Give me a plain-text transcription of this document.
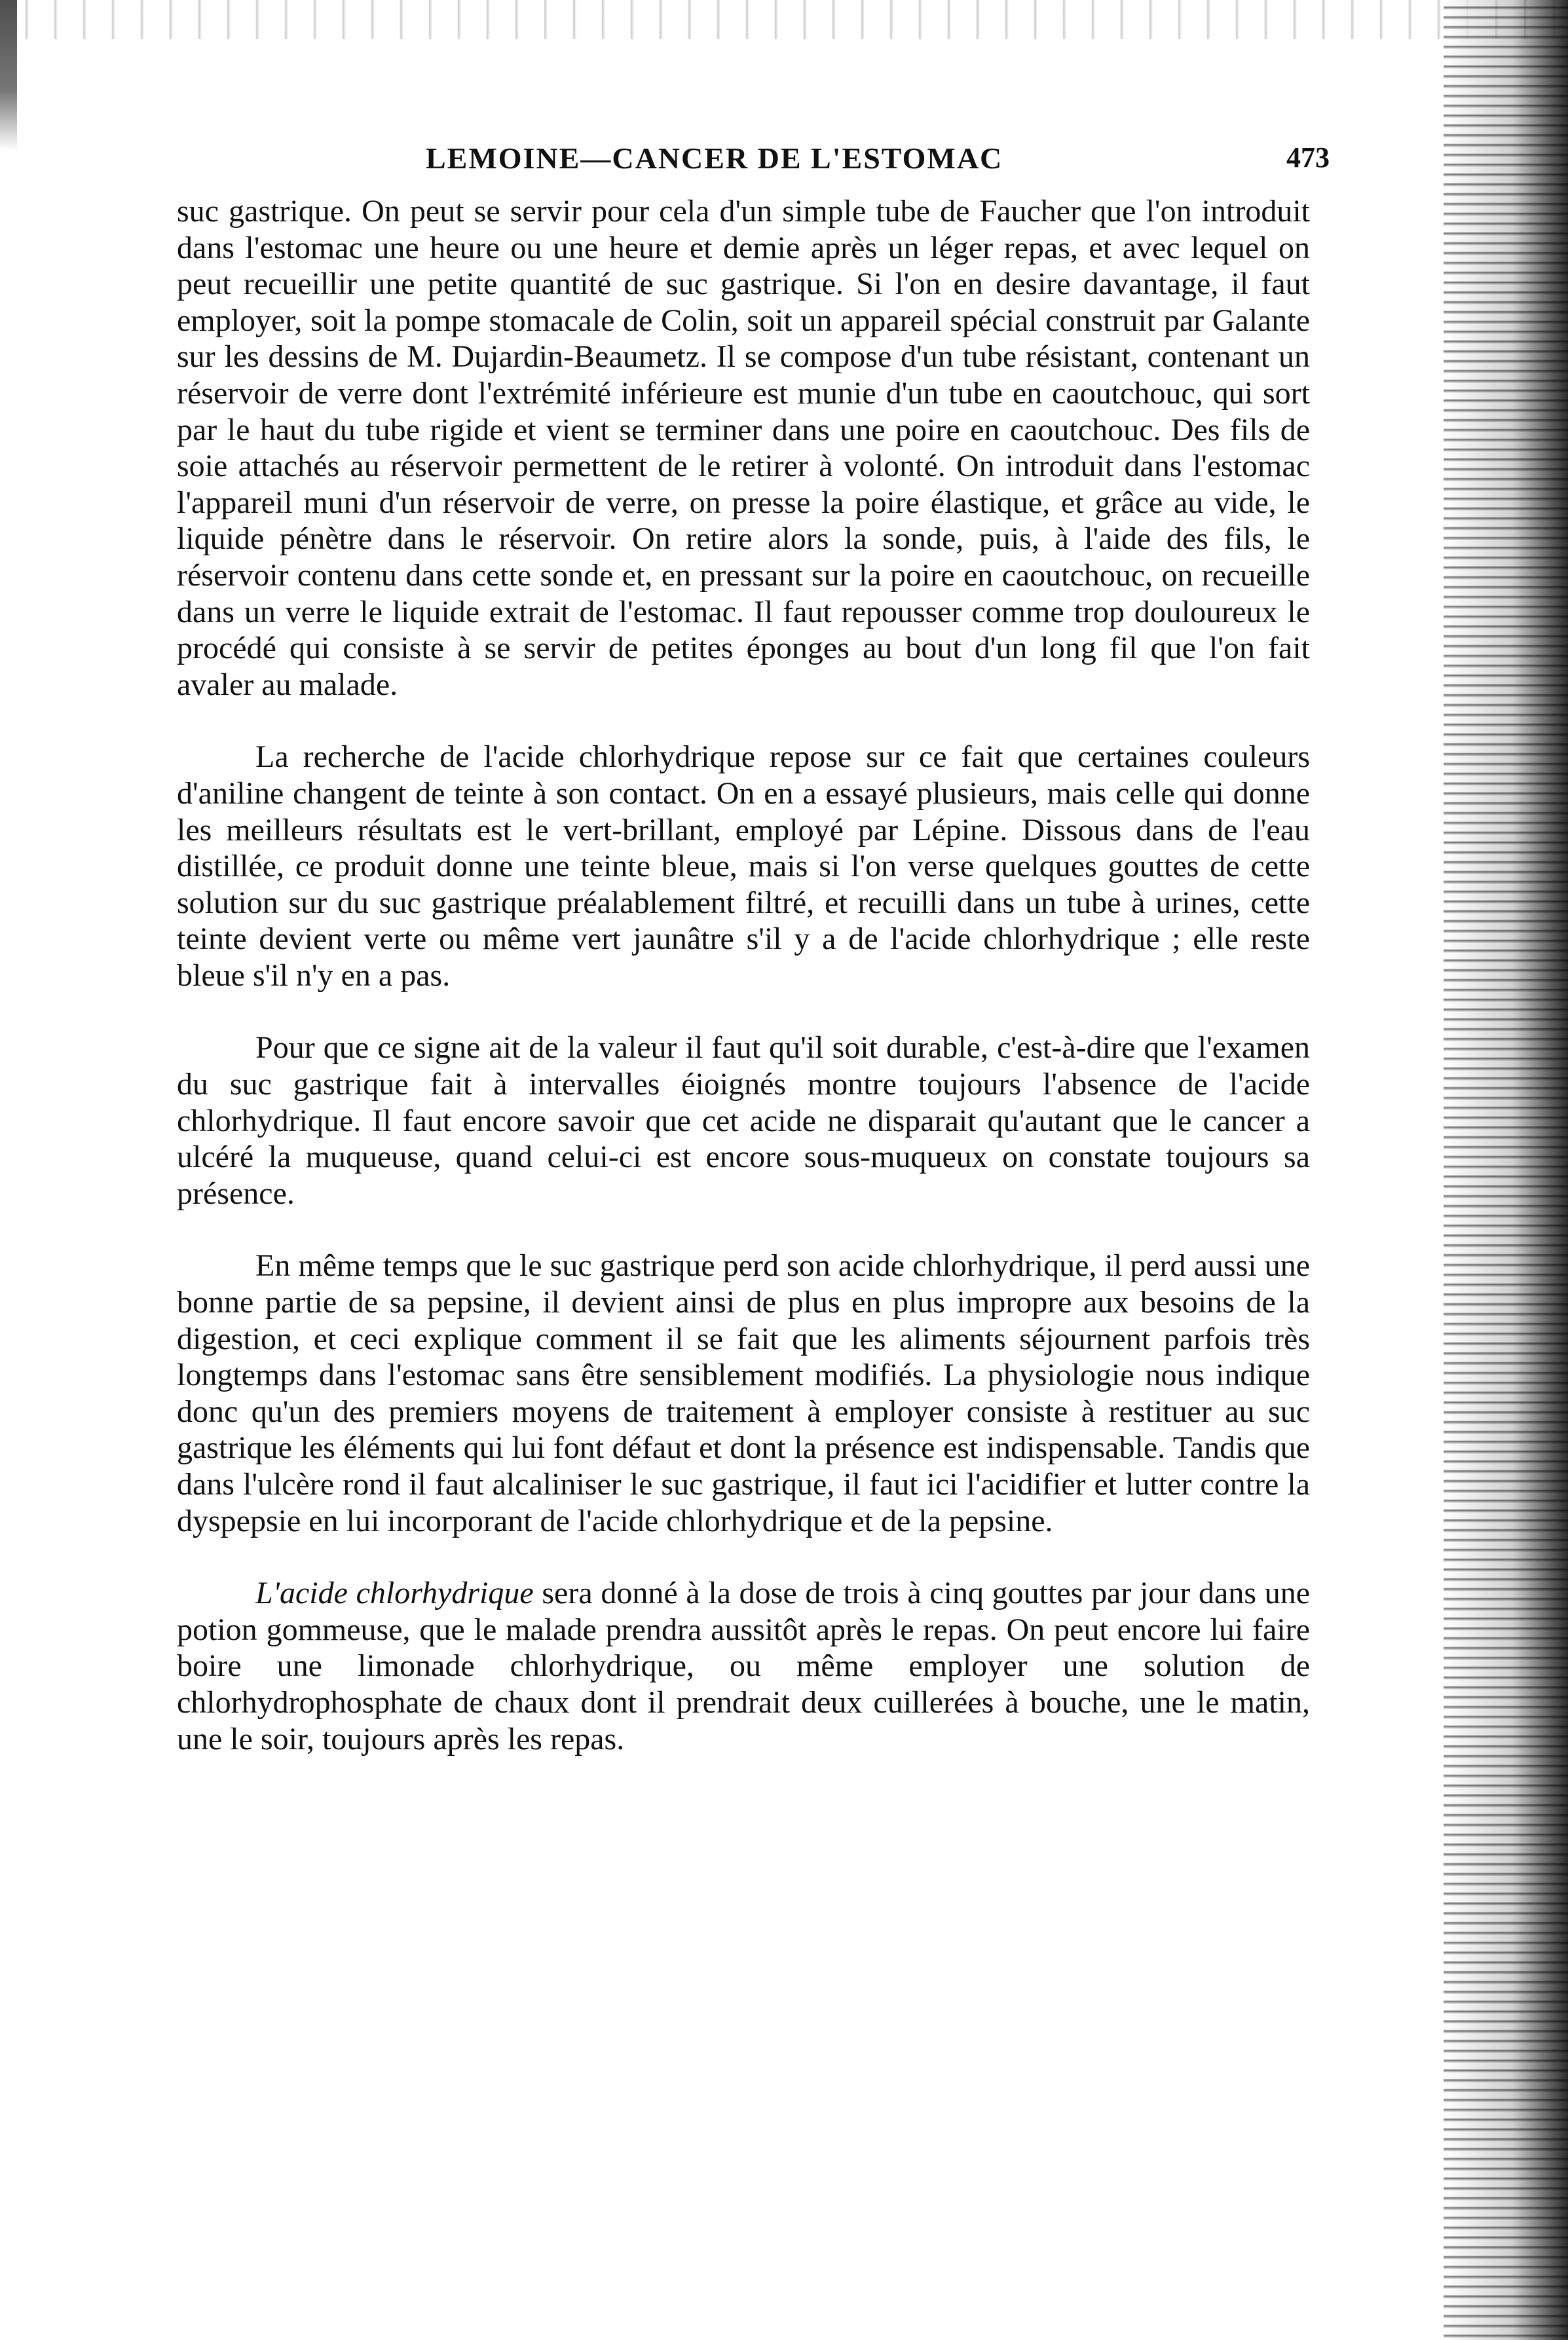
LEMOINE—CANCER DE L'ESTOMAC	473

suc gastrique. On peut se servir pour cela d'un simple tube de Faucher que l'on introduit dans l'estomac une heure ou une heure et demie après un léger repas, et avec lequel on peut recueillir une petite quantité de suc gastrique. Si l'on en desire davantage, il faut employer, soit la pompe stomacale de Colin, soit un appareil spécial construit par Galante sur les dessins de M. Dujardin-Beaumetz. Il se compose d'un tube résistant, contenant un réservoir de verre dont l'extrémité inférieure est munie d'un tube en caoutchouc, qui sort par le haut du tube rigide et vient se terminer dans une poire en caoutchouc. Des fils de soie attachés au réservoir permettent de le retirer à volonté. On introduit dans l'estomac l'appareil muni d'un réservoir de verre, on presse la poire élastique, et grâce au vide, le liquide pénètre dans le réservoir. On retire alors la sonde, puis, à l'aide des fils, le réservoir contenu dans cette sonde et, en pressant sur la poire en caoutchouc, on recueille dans un verre le liquide extrait de l'estomac. Il faut repousser comme trop douloureux le procédé qui consiste à se servir de petites éponges au bout d'un long fil que l'on fait avaler au malade.

La recherche de l'acide chlorhydrique repose sur ce fait que certaines couleurs d'aniline changent de teinte à son contact. On en a essayé plusieurs, mais celle qui donne les meilleurs résultats est le vert-brillant, employé par Lépine. Dissous dans de l'eau distillée, ce produit donne une teinte bleue, mais si l'on verse quelques gouttes de cette solution sur du suc gastrique préalablement filtré, et recuilli dans un tube à urines, cette teinte devient verte ou même vert jaunâtre s'il y a de l'acide chlorhydrique ; elle reste bleue s'il n'y en a pas.

Pour que ce signe ait de la valeur il faut qu'il soit durable, c'est-à-dire que l'examen du suc gastrique fait à intervalles éioignés montre toujours l'absence de l'acide chlorhydrique. Il faut encore savoir que cet acide ne disparait qu'autant que le cancer a ulcéré la muqueuse, quand celui-ci est encore sous-muqueux on constate toujours sa présence.

En même temps que le suc gastrique perd son acide chlorhydrique, il perd aussi une bonne partie de sa pepsine, il devient ainsi de plus en plus impropre aux besoins de la digestion, et ceci explique comment il se fait que les aliments séjournent parfois très longtemps dans l'estomac sans être sensiblement modifiés. La physiologie nous indique donc qu'un des premiers moyens de traitement à employer consiste à restituer au suc gastrique les éléments qui lui font défaut et dont la présence est indispensable. Tandis que dans l'ulcère rond il faut alcaliniser le suc gastrique, il faut ici l'acidifier et lutter contre la dyspepsie en lui incorporant de l'acide chlorhydrique et de la pepsine.

L'acide chlorhydrique sera donné à la dose de trois à cinq gouttes par jour dans une potion gommeuse, que le malade prendra aussitôt après le repas. On peut encore lui faire boire une limonade chlorhydrique, ou même employer une solution de chlorhydrophosphate de chaux dont il prendrait deux cuillerées à bouche, une le matin, une le soir, toujours après les repas.
